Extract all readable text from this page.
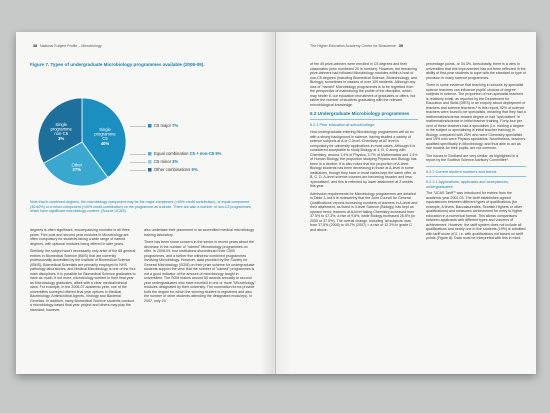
38 National Subject Profile – Microbiology
Figure 7. Types of undergraduate Microbiology programmes available (2008-09).
Single programme C5 40%
Other 27%
Single programme non-C5 3%
C5 major 7%
Equal combination C5 + non-C5 5%
C5 minor 3%
Other combinations 5%
Note that in combined degrees, the microbiology component may be the major component (>60% credit contribution), or equal component (40-60%) or a minor component (<40% credit contribution) on the programme as a whole. There are also a number of non-C3 programmes, which have significant microbiology content. (Source UCAS).

degrees is often significant, encompassing modules in all three years. Five post and second year modules in Microbiology are often compulsory for students taking a wide range of named degrees, with optional modules being offered in later years.

Similarly, the subject won't necessarily only arise of the 68 general entries in Biomedical Science (BMS) that are currently professionally accredited by the Institute of Biomedical Science (IBMS). Biomedical Scientists are primarily employed in NHS pathology laboratories, and Medical Microbiology is one of the four main disciplines. It is possible for Biomedical Science graduates to have as much, if not more, microbiology content in their final year as Microbiology graduates, albeit with a clear medical/clinical slant. For example, in the 2006-07 academic year, one of the universities surveyed offered final year options in Medical Bacteriology, Antimicrobial Agents, Virology and Bacterial Genetics. In addition, many Biomedical Science students conduct a microbiology-based final year project and others may play the standard; however,

also undertake their placement in an accredited medical microbiology training laboratory.

There has been some concern in the sector in recent years about the decrease in the number of "named" Microbiology programmes on offer. In 2008-09, four institutions discontinued their C500 programmes, and a further five withdrew combined programmes involving Microbiology. However, data provided by the Society for General Microbiology (SGM) on their prize scheme for undergraduate students support the view that the number of "named" programmes is not a good indicator of the amount of microbiology taught in universities. The SGM makes around 50 awards annually to second year undergraduates who have excelled in one or more "Microbiology" modules designated by their university. The nomination forms provide both the degree for which the winning student is registered and also the number of other students attending the designated module(s). In 2007, only 24

The Higher Education Academy Centre for Bioscience 39

of the 49 prize-winners were enrolled in C5 degrees and their classmates (who numbered 20 in number). However, the remaining prize-winners had followed Microbiology modules within a host of non-C5 degrees (including Biomedical Science, Biotechnology, and Biology); sometimes in classes of over 100 students. Although any loss of "named" Microbiology programmes is to be regretted from the perspective of maintaining the profile of the discipline, which may hinder it, our education recruitment of graduates or offers, but rather the number of students graduating with the relevant microbiological knowledge.

6.2 Undergraduate Microbiology programmes
6.2.1 Prior education at school/college

How undergraduate entering Microbiology programmes will do so with a strong background in science, having studied a variety of science subjects at A or C-level. Chemistry at A2 level is compulsory for university applications in most cases. Although it is considered acceptable to study Biology at 1, B, C along with Chemistry, around 1.4% of Physics, 5.7% of Mathematics and 1.4% of Human Biology, the proportion studying Physics and Biology has been in a decline. It is also noted that the proportion of A-level Biology students has been decreasing in those at A-level in some institutions, though they have in most cases kept the same offer, or B, C, D. A-level science courses are becoming broader and less 'specialised', and this is reflected by lower attainment at 2 credits this year.

Admission requirements for Microbiology programmes are detailed in Table 3, but it is noteworthy that the Joint Council for General Qualifications' reports increasing numbers of learners in A-level and their attainment, as listed in 4-level Science (Biology) has kept an upward trend; learners at A-level taking Chemistry increased from 37.5% to 47.3%, a rise of 9.8%, while Biology increased 26.5% (in 2005 or 37.5%). The overall change, including 'all subjects' was from 37.5% (2005) to 49.7% (2007) = a rise of 12.3% in grade C and above.

percentage points, or 34.3%. Anecdotally, there is a view in universities that this improvement has not been reflected in the ability of first-year students to cope with the standard or type of provision in many science programmes.

There is some evidence that teaching in schools by specialist science teachers can influence pupils' choices of degree subjects in science. The proportion of non-specialist teachers is relatively small, as reported by the Department for Education and Skills (DfES) in an enquiry about deployment of teachers and science teachers.¹ In this report, 92% of science teachers were found to be specialists, meaning that they had a mathematics/science-related degree or had "specialised" in mathematics/science in initial teacher training. Forty-four per cent of these teachers had a specialism (i.e. holding a degree in the subject or specialising in initial teacher training) in Biology, compared with 25% who were Chemistry specialists and 19% who were Physics specialists. Nonetheless, teachers qualified specifically in Microbiology, and thus able to act as role models for their pupils, are not common.

The issues in Scotland are very similar, as highlighted in a report by the Scottish Science Advisory Committee¹.

6.2.2 Current student numbers and trends
6.2.2.1 Applications, applicants and acceptances, undergraduates

The "UCAS Tariff"¹ was introduced for entries from the academic year 2002-03. The tariff establishes agreed equivalences between different types of qualifications (for example, A levels, Baccalaureates, Scottish Highers or other qualifications) and measures achievement for entry to higher education in a numerical format. This allows comparisons between applicants with different types and volumes of achievement. However, the tariff system does not include all qualifications and nearly one in five students (19%) is admitted with tariff score of 0, i.e. with qualifications not based on tariff points (Figure 8). Data must be interpreted with this in mind.
